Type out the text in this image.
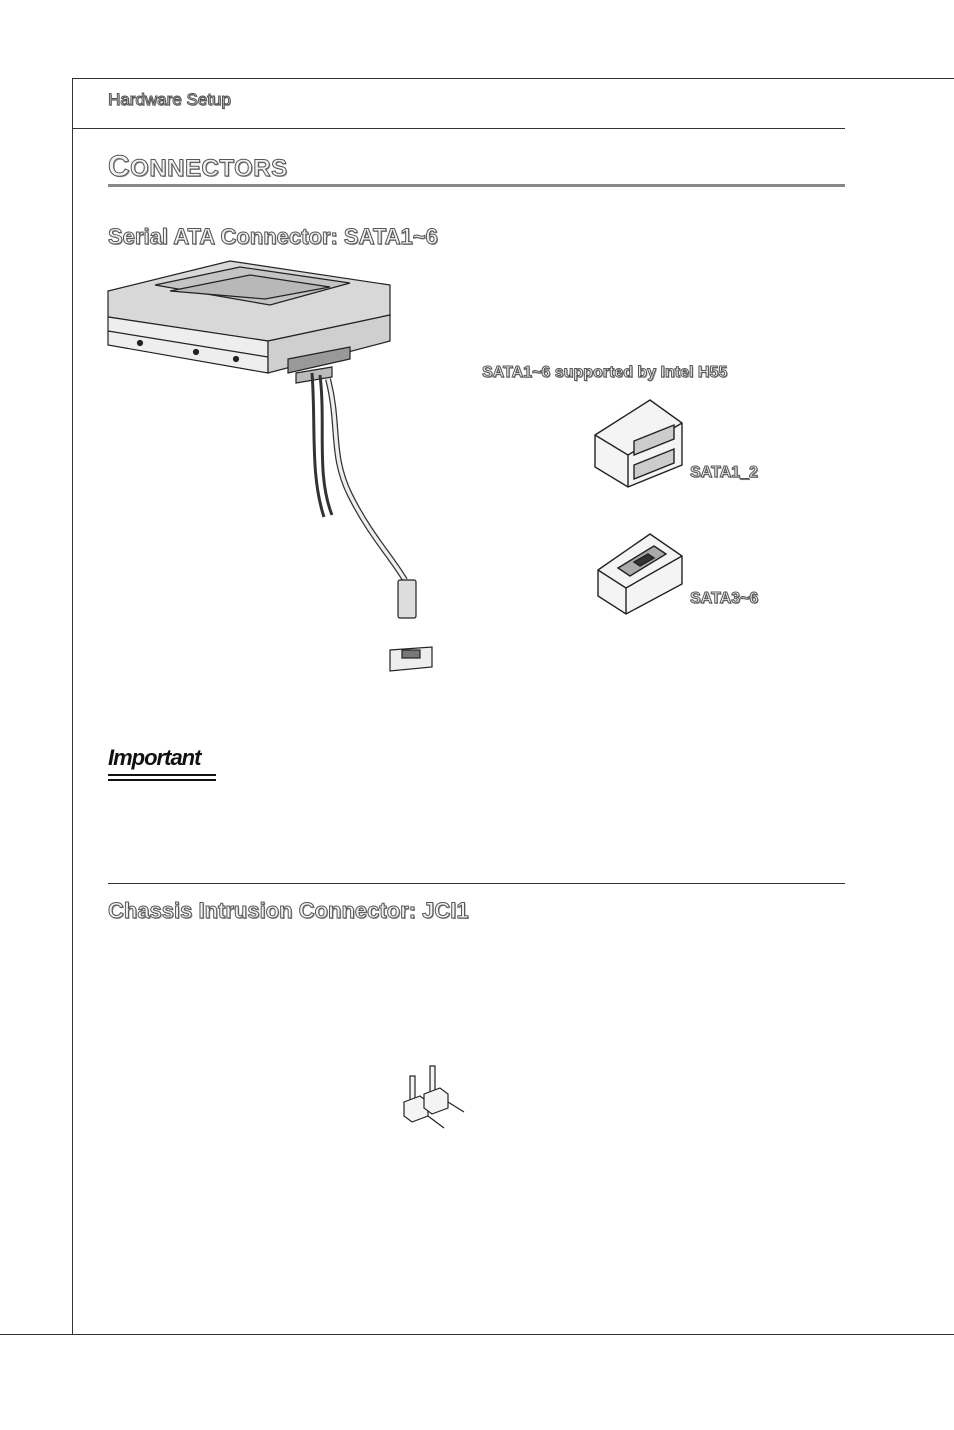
Hardware Setup
CONNECTORS
Serial ATA Connector: SATA1~6
SATA1~6 supported by Intel H55
SATA1_2
SATA3~6
Important
Chassis Intrusion Connector: JCI1
